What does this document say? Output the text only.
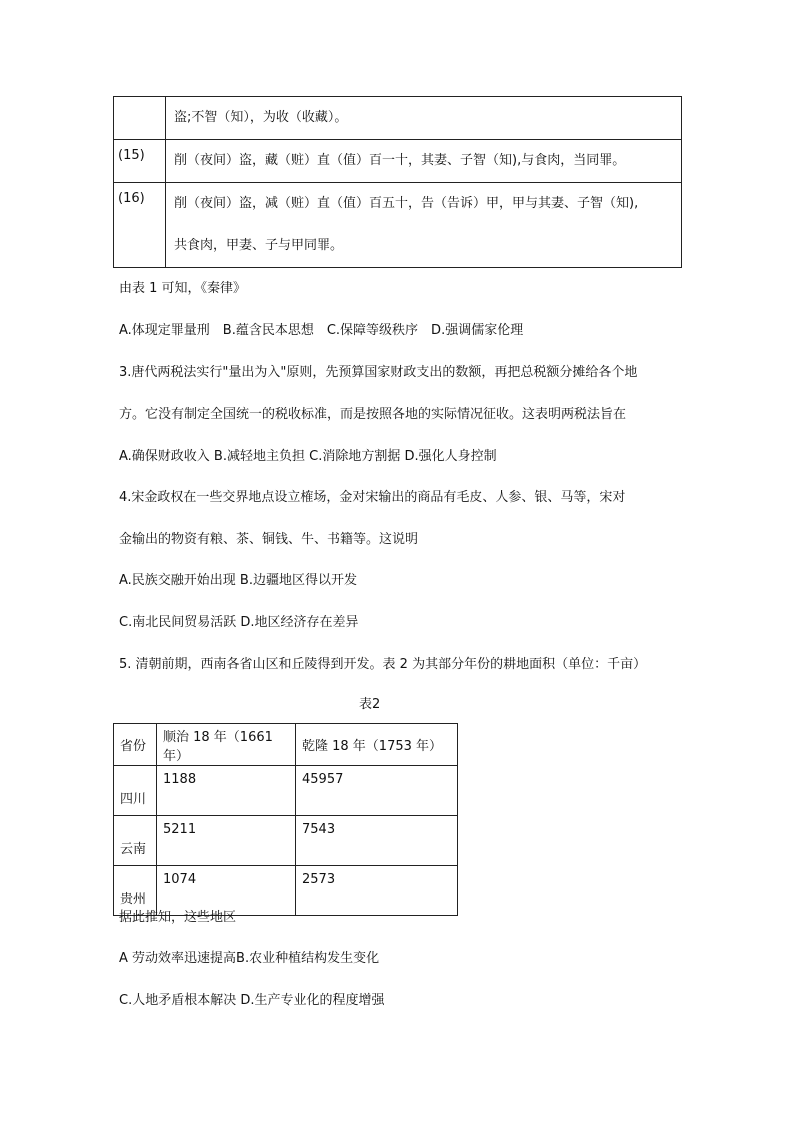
	盗;不智（知），为收（收藏）。

(15)	削（夜间）盗，藏（赃）直（值）百一十，其妻、子智（知),与食肉，当同罪。

(16)	削（夜间）盗，减（赃）直（值）百五十，告（告诉）甲，甲与其妻、子智（知),
共食肉，甲妻、子与甲同罪。
由表 1 可知，《秦律》
A.体现定罪量刑　B.蕴含民本思想　C.保障等级秩序　D.强调儒家伦理
3.唐代两税法实行"量出为入"原则，先预算国家财政支出的数额，再把总税额分摊给各个地
方。它没有制定全国统一的税收标准，而是按照各地的实际情况征收。这表明两税法旨在
A.确保财政收入 B.减轻地主负担 C.消除地方割据 D.强化人身控制
4.宋金政权在一些交界地点设立榷场，金对宋输出的商品有毛皮、人参、银、马等，宋对
金输出的物资有粮、茶、铜钱、牛、书籍等。这说明
A.民族交融开始出现 B.边疆地区得以开发
C.南北民间贸易活跃 D.地区经济存在差异
5. 清朝前期，西南各省山区和丘陵得到开发。表 2 为其部分年份的耕地面积（单位：千亩）
表2
省份	顺治 18 年（1661 年）	乾隆 18 年（1753 年）
四川	1188	45957
云南	5211	7543
贵州	1074	2573
据此推知，这些地区
A 劳动效率迅速提高B.农业种植结构发生变化
C.人地矛盾根本解决 D.生产专业化的程度增强
